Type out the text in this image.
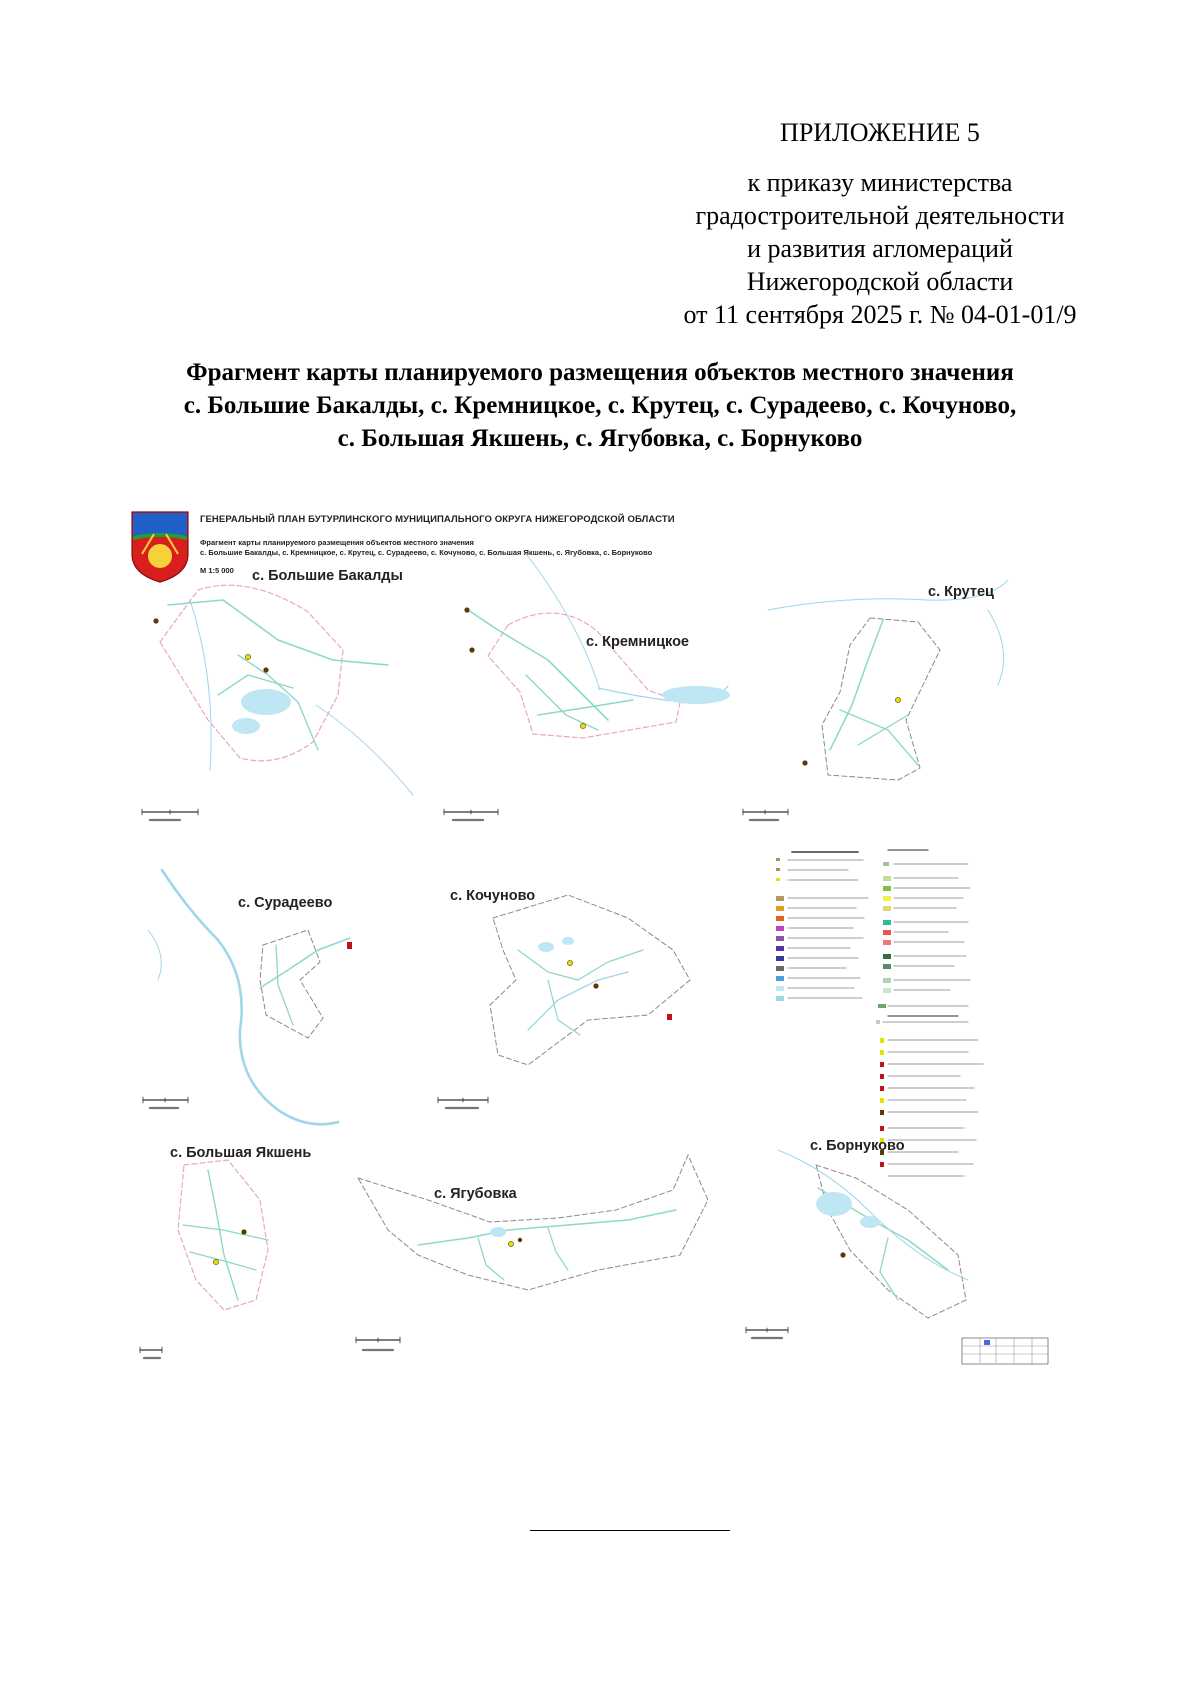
ПРИЛОЖЕНИЕ 5
к приказу министерства
градостроительной деятельности
и развития агломераций
Нижегородской области
от 11 сентября 2025 г. № 04-01-01/9
Фрагмент карты планируемого размещения объектов местного значения
с. Большие Бакалды, с. Кремницкое, с. Крутец, с. Сурадеево, с. Кочуново,
с. Большая Якшень, с. Ягубовка, с. Борнуково
ГЕНЕРАЛЬНЫЙ ПЛАН БУТУРЛИНСКОГО МУНИЦИПАЛЬНОГО ОКРУГА НИЖЕГОРОДСКОЙ ОБЛАСТИ
Фрагмент карты планируемого размещения объектов местного значения
с. Большие Бакалды, с. Кремницкое, с. Крутец, с. Сурадеево, с. Кочуново, с. Большая Якшень, с. Ягубовка, с. Борнуково
М 1:5 000	с. Большие Бакалды
с. Кремницкое
с. Крутец
с. Сурадеево	с. Кочуново
с. Большая Якшень
с. Ягубовка
с. Борнуково
